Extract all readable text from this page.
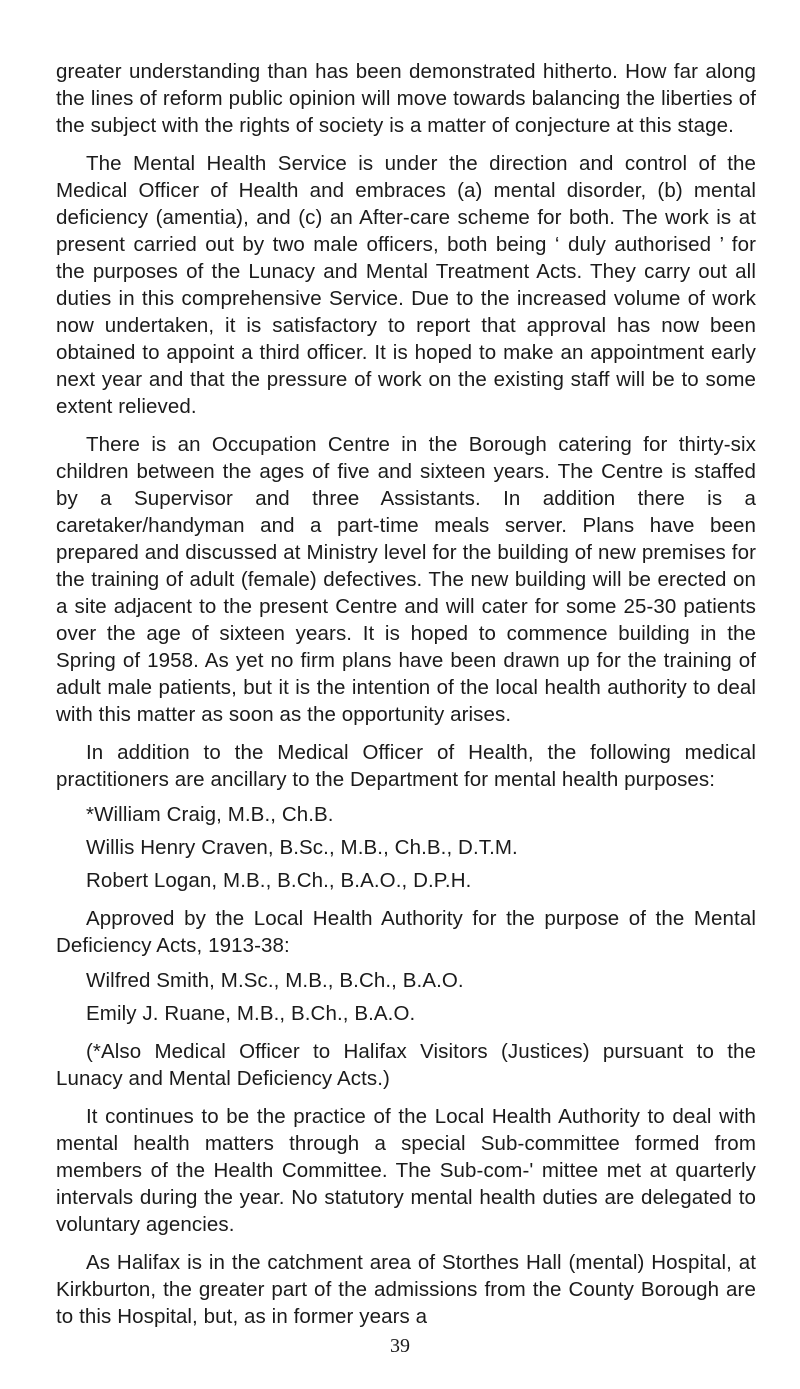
greater understanding than has been demonstrated hitherto. How far along the lines of reform public opinion will move towards balancing the liberties of the subject with the rights of society is a matter of conjecture at this stage.

The Mental Health Service is under the direction and control of the Medical Officer of Health and embraces (a) mental disorder, (b) mental deficiency (amentia), and (c) an After-care scheme for both. The work is at present carried out by two male officers, both being ‘ duly authorised ’ for the purposes of the Lunacy and Mental Treatment Acts. They carry out all duties in this comprehensive Service. Due to the increased volume of work now undertaken, it is satisfactory to report that approval has now been obtained to appoint a third officer. It is hoped to make an appointment early next year and that the pressure of work on the existing staff will be to some extent relieved.

There is an Occupation Centre in the Borough catering for thirty-six children between the ages of five and sixteen years. The Centre is staffed by a Supervisor and three Assistants. In addition there is a caretaker/handyman and a part-time meals server. Plans have been prepared and discussed at Ministry level for the building of new premises for the training of adult (female) defectives. The new building will be erected on a site adjacent to the present Centre and will cater for some 25-30 patients over the age of sixteen years. It is hoped to commence building in the Spring of 1958. As yet no firm plans have been drawn up for the training of adult male patients, but it is the intention of the local health authority to deal with this matter as soon as the opportunity arises.

In addition to the Medical Officer of Health, the following medical practitioners are ancillary to the Department for mental health purposes:

*William Craig, M.B., Ch.B.

Willis Henry Craven, B.Sc., M.B., Ch.B., D.T.M.

Robert Logan, M.B., B.Ch., B.A.O., D.P.H.

Approved by the Local Health Authority for the purpose of the Mental Deficiency Acts, 1913-38:

Wilfred Smith, M.Sc., M.B., B.Ch., B.A.O.

Emily J. Ruane, M.B., B.Ch., B.A.O.

(*Also Medical Officer to Halifax Visitors (Justices) pursuant to the Lunacy and Mental Deficiency Acts.)

It continues to be the practice of the Local Health Authority to deal with mental health matters through a special Sub-committee formed from members of the Health Committee. The Sub-com-' mittee met at quarterly intervals during the year. No statutory mental health duties are delegated to voluntary agencies.

As Halifax is in the catchment area of Storthes Hall (mental) Hospital, at Kirkburton, the greater part of the admissions from the County Borough are to this Hospital, but, as in former years a

39
